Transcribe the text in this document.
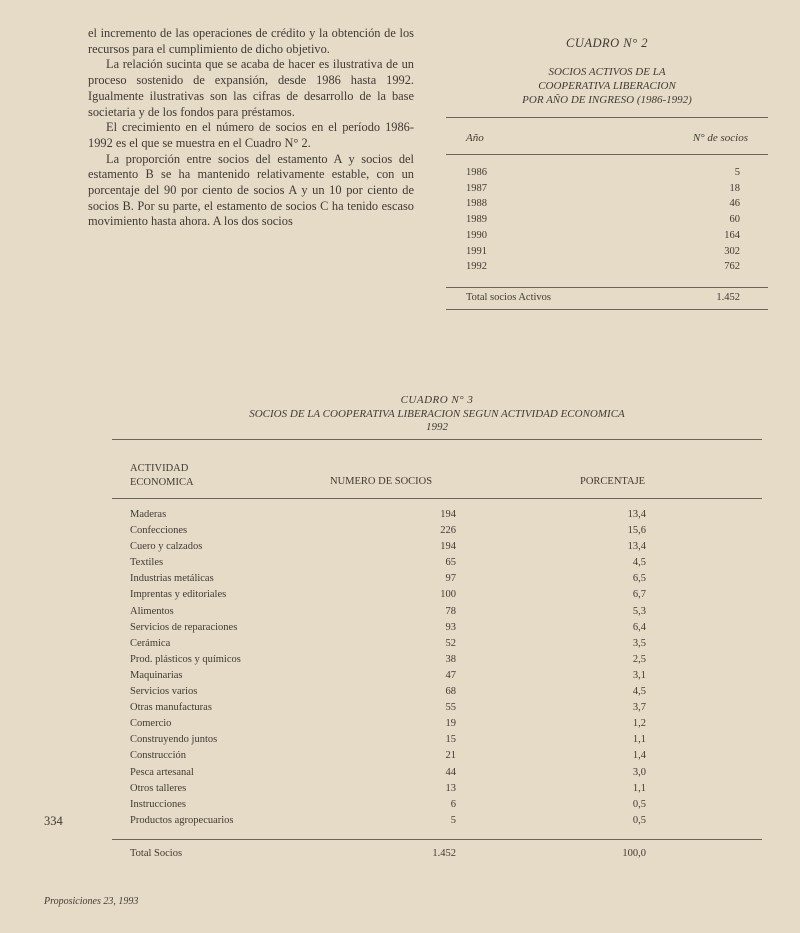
el incremento de las operaciones de crédito y la obtención de los recursos para el cumplimiento de dicho objetivo.

La relación sucinta que se acaba de hacer es ilustrativa de un proceso sostenido de expansión, desde 1986 hasta 1992. Igualmente ilustrativas son las cifras de desarrollo de la base societaria y de los fondos para préstamos.

El crecimiento en el número de socios en el período 1986-1992 es el que se muestra en el Cuadro N° 2.

La proporción entre socios del estamento A y socios del estamento B se ha mantenido relativamente estable, con un porcentaje del 90 por ciento de socios A y un 10 por ciento de socios B. Por su parte, el estamento de socios C ha tenido escaso movimiento hasta ahora. A los dos socios

CUADRO N° 2
SOCIOS ACTIVOS DE LA
COOPERATIVA LIBERACION
POR AÑO DE INGRESO (1986-1992)
Año	N° de socios
1986	5
1987	18
1988	46
1989	60
1990	164
1991	302
1992	762
Total socios Activos	1.452
CUADRO N° 3
SOCIOS DE LA COOPERATIVA LIBERACION SEGUN ACTIVIDAD ECONOMICA
1992
ACTIVIDAD
ECONOMICA	NUMERO DE SOCIOS	PORCENTAJE
Maderas	194	13,4
Confecciones	226	15,6
Cuero y calzados	194	13,4
Textiles	65	4,5
Industrias metálicas	97	6,5
Imprentas y editoriales	100	6,7
Alimentos	78	5,3
Servicios de reparaciones	93	6,4
Cerámica	52	3,5
Prod. plásticos y químicos	38	2,5
Maquinarias	47	3,1
Servicios varios	68	4,5
Otras manufacturas	55	3,7
Comercio	19	1,2
Construyendo juntos	15	1,1
Construcción	21	1,4
Pesca artesanal	44	3,0
Otros talleres	13	1,1
Instrucciones	6	0,5
Productos agropecuarios	5	0,5
Total Socios	1.452	100,0
334
Proposiciones 23, 1993
